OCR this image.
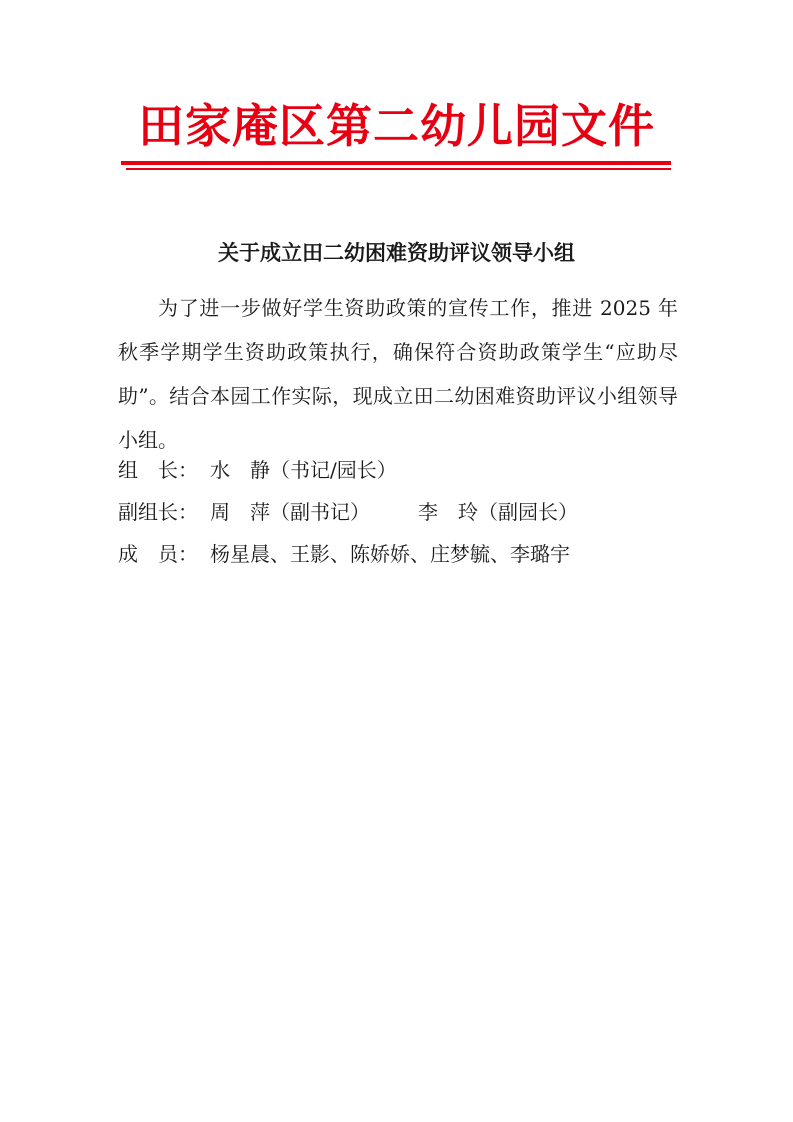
田家庵区第二幼儿园文件
关于成立田二幼困难资助评议领导小组
为了进一步做好学生资助政策的宣传工作，推进 2025 年秋季学期学生资助政策执行，确保符合资助政策学生“应助尽助”。结合本园工作实际，现成立田二幼困难资助评议小组领导小组。
组　长： 水　静（书记/园长）
副组长： 周　萍（副书记） 李　玲（副园长）
成　员： 杨星晨、王影、陈娇娇、庄梦毓、李璐宇
